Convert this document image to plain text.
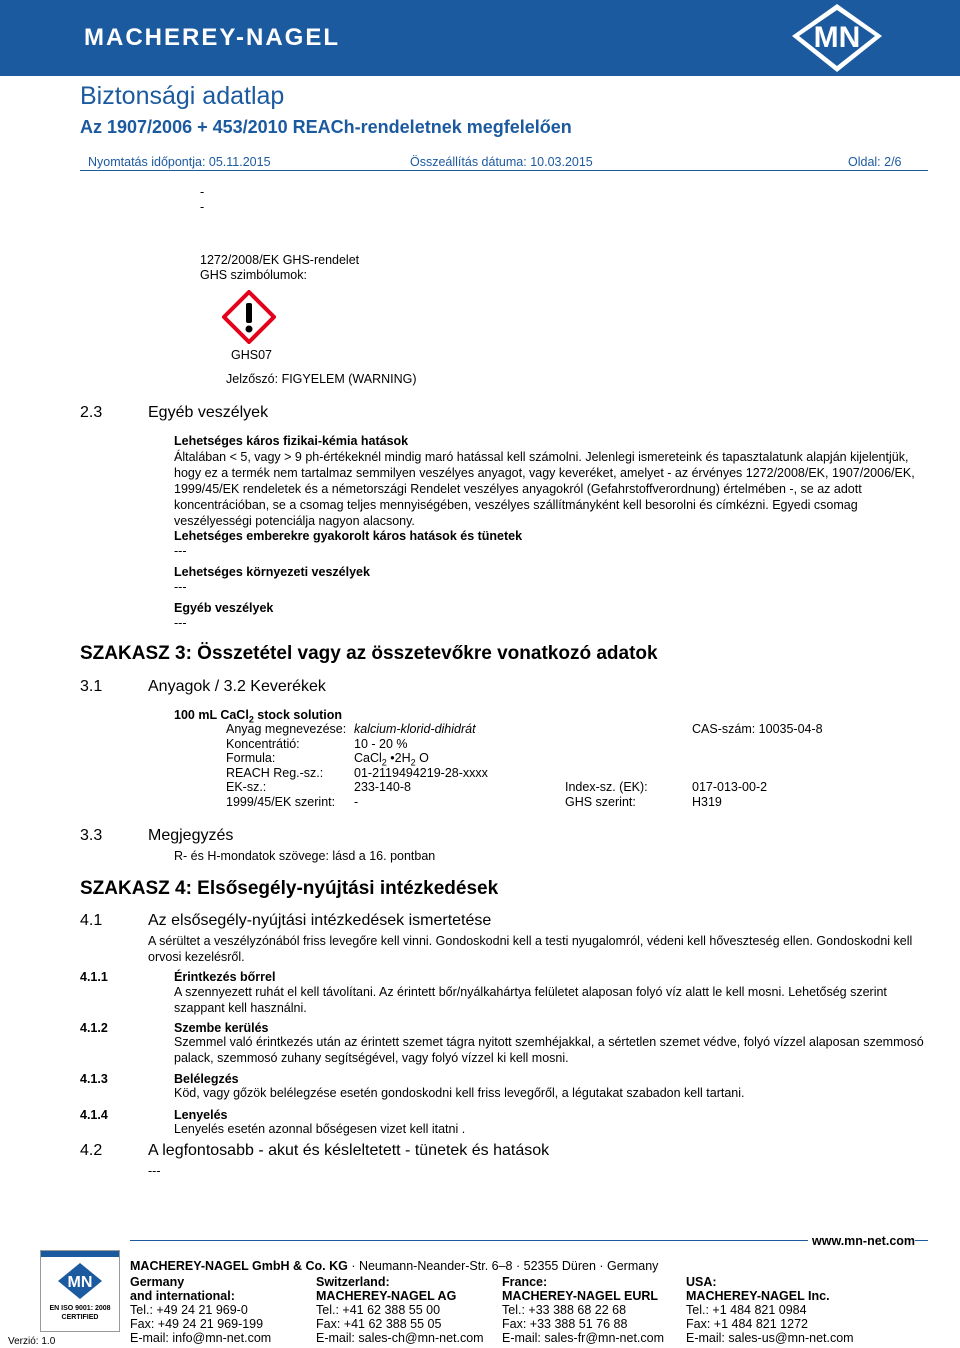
MACHEREY-NAGEL	MN
Biztonsági adatlap
Az 1907/2006 + 453/2010 REACh-rendeletnek megfelelően
Nyomtatás időpontja: 05.11.2015	Összeállítás dátuma: 10.03.2015	Oldal: 2/6
-
-
1272/2008/EK GHS-rendelet
GHS szimbólumok:
GHS07
Jelzőszó: FIGYELEM (WARNING)
2.3	Egyéb veszélyek
Lehetséges káros fizikai-kémia hatások
Általában < 5, vagy > 9 ph-értékeknél mindig maró hatással kell számolni. Jelenlegi ismereteink és tapasztalatunk alapján kijelentjük, hogy ez a termék nem tartalmaz semmilyen veszélyes anyagot, vagy keveréket, amelyet - az érvényes 1272/2008/EK, 1907/2006/EK, 1999/45/EK rendeletek és a németországi Rendelet veszélyes anyagokról (Gefahrstoffverordnung) értelmében -, se az adott koncentrációban, se a csomag teljes mennyiségében, veszélyes szállítmányként kell besorolni és címkézni. Egyedi csomag veszélyességi potenciálja nagyon alacsony.
Lehetséges emberekre gyakorolt káros hatások és tünetek
---
Lehetséges környezeti veszélyek
---
Egyéb veszélyek
---
SZAKASZ 3: Összetétel vagy az összetevőkre vonatkozó adatok
3.1	Anyagok / 3.2 Keverékek
100 mL CaCl$_2$ stock solution
Anyag megnevezése: kalcium-klorid-dihidrát	CAS-szám: 10035-04-8
Koncentrátió:	10 - 20 %
Formula:	CaCl$_2$ $•2H_2$ O
REACH Reg.-sz.: 01-2119494219-28-xxxx
EK-sz.:	233-140-8	Index-sz. (EK):	017-013-00-2
1999/45/EK szerint: -	GHS szerint:	H319
3.3	Megjegyzés
R- és H-mondatok szövege: lásd a 16. pontban
SZAKASZ 4: Elsősegély-nyújtási intézkedések
4.1	Az elsősegély-nyújtási intézkedések ismertetése
A sérültet a veszélyzónából friss levegőre kell vinni. Gondoskodni kell a testi nyugalomról, védeni kell hőveszteség ellen. Gondoskodni kell orvosi kezelésről.
4.1.1	Érintkezés bőrrel
A szennyezett ruhát el kell távolítani. Az érintett bőr/nyálkahártya felületet alaposan folyó víz alatt le kell mosni. Lehetőség szerint szappant kell használni.
4.1.2	Szembe kerülés
Szemmel való érintkezés után az érintett szemet tágra nyitott szemhéjakkal, a sértetlen szemet védve, folyó vízzel alaposan szemmosó palack, szemmosó zuhany segítségével, vagy folyó vízzel ki kell mosni.
4.1.3	Belélegzés
Köd, vagy gőzök belélegzése esetén gondoskodni kell friss levegőről, a légutakat szabadon kell tartani.
4.1.4	Lenyelés
Lenyelés esetén azonnal bőségesen vizet kell itatni .
4.2	A legfontosabb - akut és késleltetett - tünetek és hatások
---
MN
EN ISO 9001: 2008
CERTIFIED
Verzió: 1.0
www.mn-net.com
MACHEREY-NAGEL GmbH & Co. KG · Neumann-Neander-Str. 6–8 · 52355 Düren · Germany
Germany
and international:
Tel.: +49 24 21 969-0
Fax: +49 24 21 969-199
E-mail: info@mn-net.com
Switzerland:
MACHEREY-NAGEL AG
Tel.: +41 62 388 55 00
Fax: +41 62 388 55 05
E-mail: sales-ch@mn-net.com
France:
MACHEREY-NAGEL EURL
Tel.: +33 388 68 22 68
Fax: +33 388 51 76 88
E-mail: sales-fr@mn-net.com
USA:
MACHEREY-NAGEL Inc.
Tel.: +1 484 821 0984
Fax: +1 484 821 1272
E-mail: sales-us@mn-net.com
